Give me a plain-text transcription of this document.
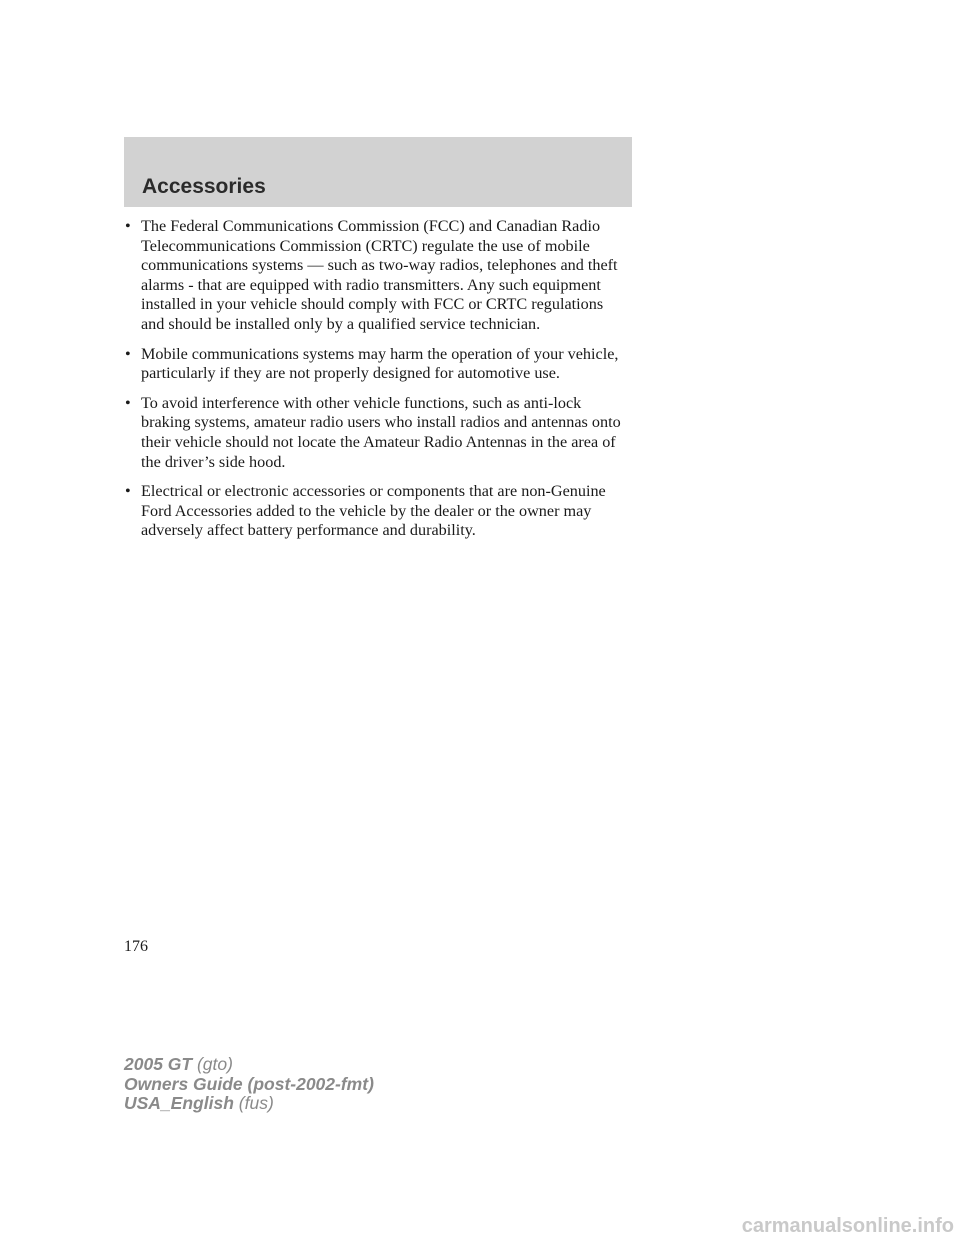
Accessories
• The Federal Communications Commission (FCC) and Canadian Radio Telecommunications Commission (CRTC) regulate the use of mobile communications systems — such as two-way radios, telephones and theft alarms - that are equipped with radio transmitters. Any such equipment installed in your vehicle should comply with FCC or CRTC regulations and should be installed only by a qualified service technician.
• Mobile communications systems may harm the operation of your vehicle, particularly if they are not properly designed for automotive use.
• To avoid interference with other vehicle functions, such as anti-lock braking systems, amateur radio users who install radios and antennas onto their vehicle should not locate the Amateur Radio Antennas in the area of the driver’s side hood.
• Electrical or electronic accessories or components that are non-Genuine Ford Accessories added to the vehicle by the dealer or the owner may adversely affect battery performance and durability.

176

2005 GT (gto)
Owners Guide (post-2002-fmt)
USA_English (fus)
carmanualsonline.info
